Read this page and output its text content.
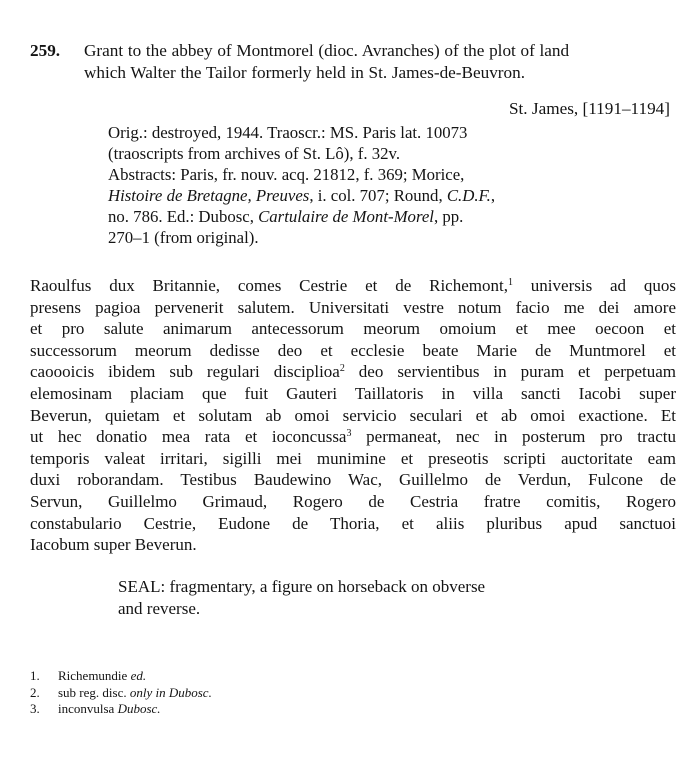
259. Grant to the abbey of Montmorel (dioc. Avranches) of the plot of land
which Walter the Tailor formerly held in St. James-de-Beuvron.
St. James, [1191–1194]
Orig.: destroyed, 1944. Traoscr.: MS. Paris lat. 10073
(traoscripts from archives of St. Lô), f. 32v.
Abstracts: Paris, fr. nouv. acq. 21812, f. 369; Morice,
Histoire de Bretagne, Preuves, i. col. 707; Round, C.D.F.,
no. 786. Ed.: Dubosc, Cartulaire de Mont-Morel, pp.
270–1 (from original).
Raoulfus dux Britannie, comes Cestrie et de Richemont,$^1$ universis ad quos
presens pagioa pervenerit salutem. Universitati vestre notum facio me dei amore
et pro salute animarum antecessorum meorum omoium et mee oecoon et
successorum meorum dedisse deo et ecclesie beate Marie de Muntmorel et
caoooicis ibidem sub regulari disciplioa$^2$ deo servientibus in puram et perpetuam
elemosinam placiam que fuit Gauteri Taillatoris in villa sancti Iacobi super
Beverun, quietam et solutam ab omoi servicio seculari et ab omoi exactione. Et
ut hec donatio mea rata et ioconcussa$^3$ permaneat, nec in posterum pro tractu
temporis valeat irritari, sigilli mei munimine et preseotis scripti auctoritate eam
duxi roborandam. Testibus Baudewino Wac, Guillelmo de Verdun, Fulcone de
Servun, Guillelmo Grimaud, Rogero de Cestria fratre comitis, Rogero
constabulario Cestrie, Eudone de Thoria, et aliis pluribus apud sanctuoi
Iacobum super Beverun.
SEAL: fragmentary, a figure on horseback on obverse
and reverse.
1. Richemundie ed.
2. sub reg. disc. only in Dubosc.
3. inconvulsa Dubosc.
